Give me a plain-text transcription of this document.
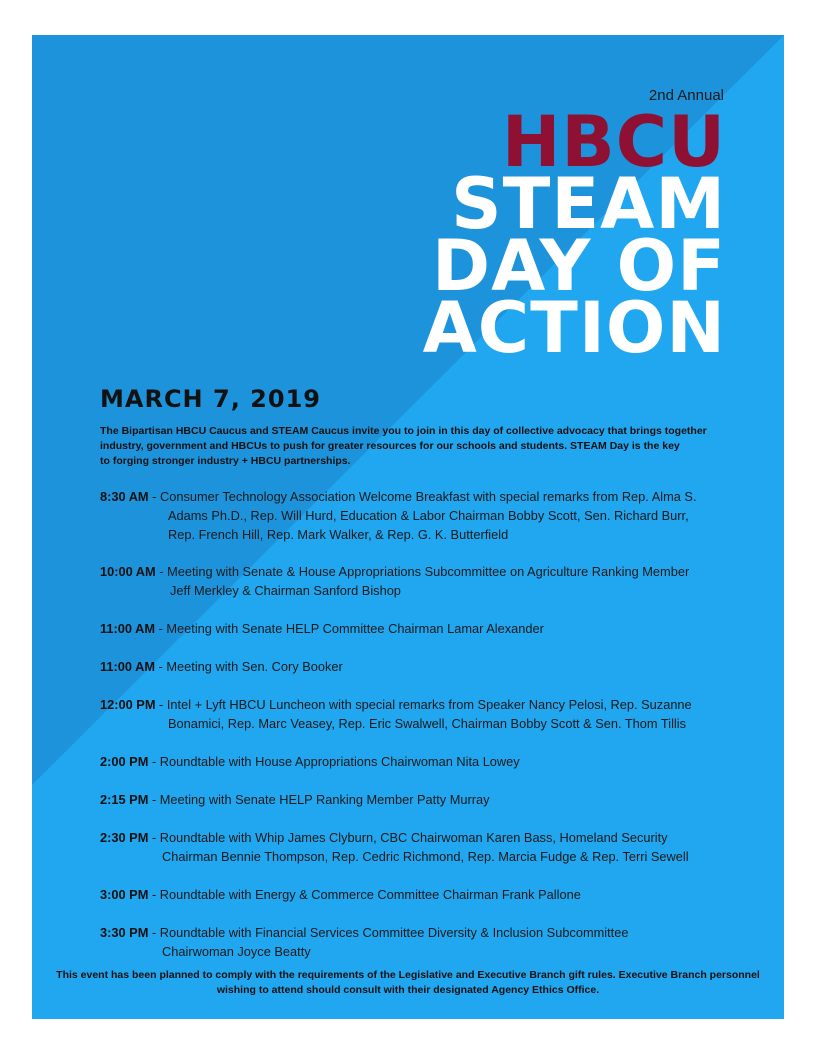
2nd Annual
HBCU
STEAM
DAY OF
ACTION
MARCH 7, 2019
The Bipartisan HBCU Caucus and STEAM Caucus invite you to join in this day of collective advocacy that brings together
industry, government and HBCUs to push for greater resources for our schools and students. STEAM Day is the key
to forging stronger industry + HBCU partnerships.
8:30 AM - Consumer Technology Association Welcome Breakfast with special remarks from Rep. Alma S.
Adams Ph.D., Rep. Will Hurd, Education & Labor Chairman Bobby Scott, Sen. Richard Burr,
Rep. French Hill, Rep. Mark Walker, & Rep. G. K. Butterfield
10:00 AM - Meeting with Senate & House Appropriations Subcommittee on Agriculture Ranking Member
Jeff Merkley & Chairman Sanford Bishop
11:00 AM - Meeting with Senate HELP Committee Chairman Lamar Alexander
11:00 AM - Meeting with Sen. Cory Booker
12:00 PM - Intel + Lyft HBCU Luncheon with special remarks from Speaker Nancy Pelosi, Rep. Suzanne
Bonamici, Rep. Marc Veasey, Rep. Eric Swalwell, Chairman Bobby Scott & Sen. Thom Tillis
2:00 PM - Roundtable with House Appropriations Chairwoman Nita Lowey
2:15 PM - Meeting with Senate HELP Ranking Member Patty Murray
2:30 PM - Roundtable with Whip James Clyburn, CBC Chairwoman Karen Bass, Homeland Security
Chairman Bennie Thompson, Rep. Cedric Richmond, Rep. Marcia Fudge & Rep. Terri Sewell
3:00 PM - Roundtable with Energy & Commerce Committee Chairman Frank Pallone
3:30 PM - Roundtable with Financial Services Committee Diversity & Inclusion Subcommittee
Chairwoman Joyce Beatty
This event has been planned to comply with the requirements of the Legislative and Executive Branch gift rules. Executive Branch personnel
wishing to attend should consult with their designated Agency Ethics Office.
